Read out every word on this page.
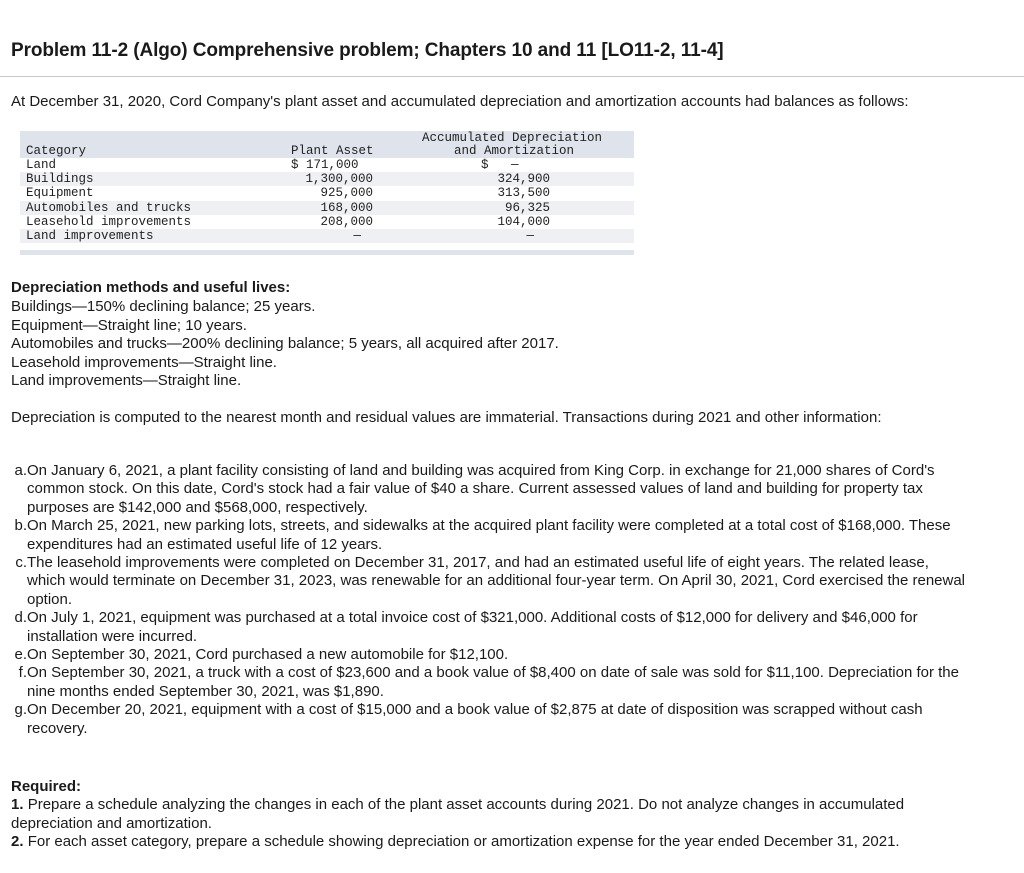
Problem 11-2 (Algo) Comprehensive problem; Chapters 10 and 11 [LO11-2, 11-4]
At December 31, 2020, Cord Company's plant asset and accumulated depreciation and amortization accounts had balances as follows:
Category	Plant Asset
Accumulated Depreciation
and Amortization
Land	$ 171,000	$   —
Buildings	1,300,000	324,900
Equipment	925,000	313,500
Automobiles and trucks	168,000	96,325
Leasehold improvements	208,000	104,000
Land improvements	—	—
Depreciation methods and useful lives:
Buildings—150% declining balance; 25 years.
Equipment—Straight line; 10 years.
Automobiles and trucks—200% declining balance; 5 years, all acquired after 2017.
Leasehold improvements—Straight line.
Land improvements—Straight line.
Depreciation is computed to the nearest month and residual values are immaterial. Transactions during 2021 and other information:
a. On January 6, 2021, a plant facility consisting of land and building was acquired from King Corp. in exchange for 21,000 shares of Cord's common stock. On this date, Cord's stock had a fair value of $40 a share. Current assessed values of land and building for property tax purposes are $142,000 and $568,000, respectively.
b. On March 25, 2021, new parking lots, streets, and sidewalks at the acquired plant facility were completed at a total cost of $168,000. These expenditures had an estimated useful life of 12 years.
c. The leasehold improvements were completed on December 31, 2017, and had an estimated useful life of eight years. The related lease, which would terminate on December 31, 2023, was renewable for an additional four-year term. On April 30, 2021, Cord exercised the renewal option.
d. On July 1, 2021, equipment was purchased at a total invoice cost of $321,000. Additional costs of $12,000 for delivery and $46,000 for installation were incurred.
e. On September 30, 2021, Cord purchased a new automobile for $12,100.
f. On September 30, 2021, a truck with a cost of $23,600 and a book value of $8,400 on date of sale was sold for $11,100. Depreciation for the nine months ended September 30, 2021, was $1,890.
g. On December 20, 2021, equipment with a cost of $15,000 and a book value of $2,875 at date of disposition was scrapped without cash recovery.
Required:
1. Prepare a schedule analyzing the changes in each of the plant asset accounts during 2021. Do not analyze changes in accumulated depreciation and amortization.
2. For each asset category, prepare a schedule showing depreciation or amortization expense for the year ended December 31, 2021.
